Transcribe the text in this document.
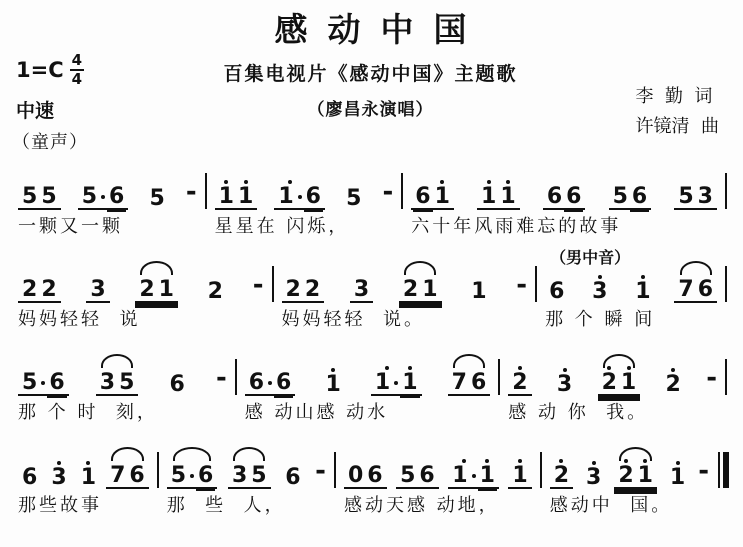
感动中国
百集电视片《感动中国》主题歌
（廖昌永演唱）
李  勤  词
许镜清  曲
$1=C \frac{4}{4}$
中速
（童声）
5 5 5 6 5 -
一颗又一颗
1 1 1 6 5 -
星星在 闪烁，
6 1 1 1 6 6 5 6 5 3
六十年风雨难忘的故事
2 2 3 2 1 2 -
妈妈轻轻  说
2 2 3 2 1 1 -
妈妈轻轻  说。
（男中音）
6 3 1 7 6
那 个 瞬 间
5 6 3 5 6 -
那 个 时  刻，
6 6 1 1 1 7 6
感 动山感 动水
2 3 2 1 2 -
感 动 你  我。
6 3 1 7 6
那些故事
5 6 3 5 6 -
那  些  人，
0 6 5 6 1 1 1
感动天感 动地，
2 3 2 1 1 -
感动中  国。
